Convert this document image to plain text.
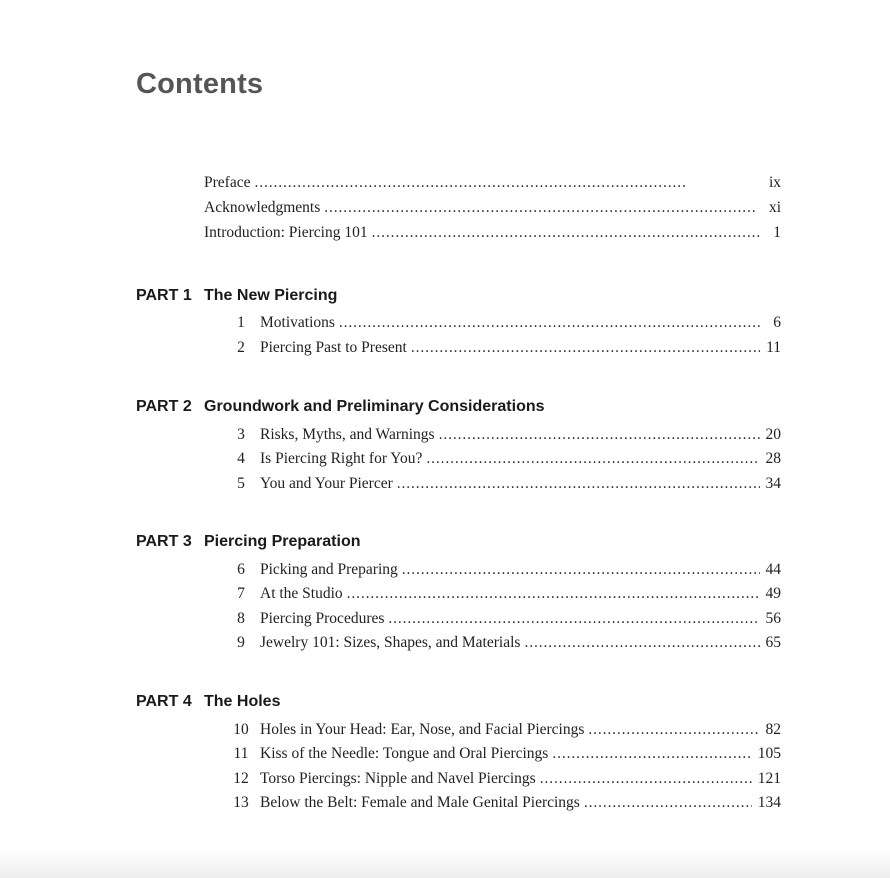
Contents
Preface . . .	ix
Acknowledgments . . .	xi
Introduction: Piercing 101 . . .	1
PART 1 The New Piercing
1 Motivations . . .	6
2 Piercing Past to Present . . .	11
PART 2 Groundwork and Preliminary Considerations
3 Risks, Myths, and Warnings . . .	20
4 Is Piercing Right for You? . . .	28
5 You and Your Piercer . . .	34
PART 3 Piercing Preparation
6 Picking and Preparing . . .	44
7 At the Studio . . .	49
8 Piercing Procedures . . .	56
9 Jewelry 101: Sizes, Shapes, and Materials . . .	65
PART 4 The Holes
10 Holes in Your Head: Ear, Nose, and Facial Piercings . . .	82
11 Kiss of the Needle: Tongue and Oral Piercings . . .	105
12 Torso Piercings: Nipple and Navel Piercings . . .	121
13 Below the Belt: Female and Male Genital Piercings . . .	134
